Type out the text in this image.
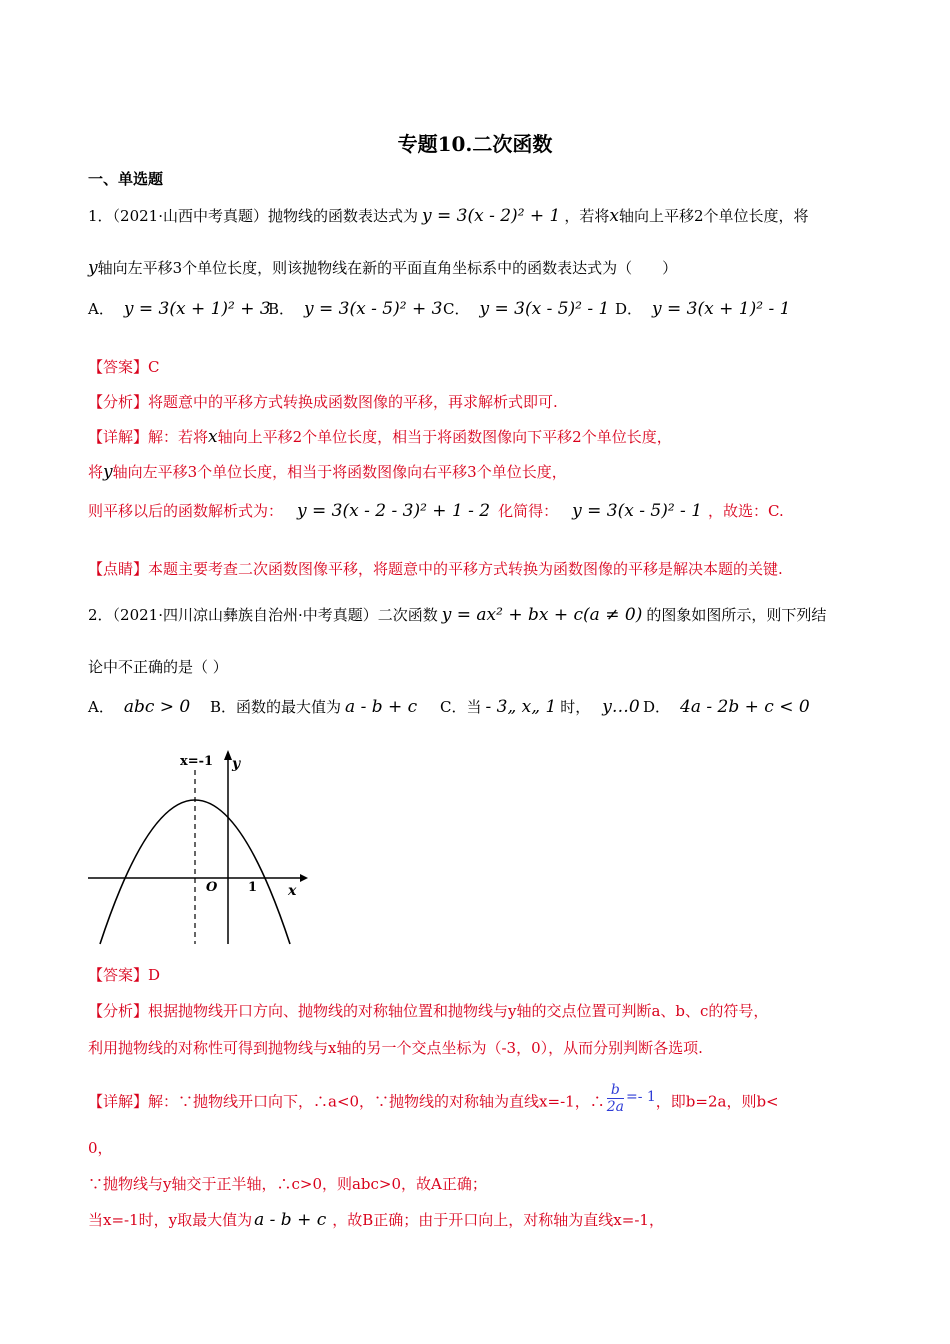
专题10.二次函数
一、单选题
1．（2021·山西中考真题）抛物线的函数表达式为 y = 3(x - 2)² + 1 ，若将x轴向上平移2个单位长度，将
y轴向左平移3个单位长度，则该抛物线在新的平面直角坐标系中的函数表达式为（　　）
A． y = 3(x + 1)² + 3
B． y = 3(x - 5)² + 3 C． y = 3(x - 5)² - 1 D． y = 3(x + 1)² - 1
【答案】C
【分析】将题意中的平移方式转换成函数图像的平移，再求解析式即可.
【详解】解：若将x轴向上平移2个单位长度，相当于将函数图像向下平移2个单位长度，
将y轴向左平移3个单位长度，相当于将函数图像向右平移3个单位长度，
则平移以后的函数解析式为： y = 3(x - 2 - 3)² + 1 - 2 化简得： y = 3(x - 5)² - 1 ，故选：C.
【点睛】本题主要考查二次函数图像平移，将题意中的平移方式转换为函数图像的平移是解决本题的关键.
2．（2021·四川凉山彝族自治州·中考真题）二次函数 y = ax² + bx + c(a ≠ 0) 的图象如图所示，则下列结
论中不正确的是（ ）
A． abc > 0 B．函数的最大值为 a - b + c C．当 - 3„ x„ 1 时， y…0 D． 4a - 2b + c < 0
x=-1 y
O 1 x
【答案】D
【分析】根据抛物线开口方向、抛物线的对称轴位置和抛物线与y轴的交点位置可判断a、b、c的符号，
利用抛物线的对称性可得到抛物线与x轴的另一个交点坐标为（-3，0），从而分别判断各选项.
【详解】解：∵抛物线开口向下，∴a<0，∵抛物线的对称轴为直线x=-1，∴ $\frac{b}{2a} =- 1$，即b=2a，则b<
0，
∵抛物线与y轴交于正半轴，∴c>0，则abc>0，故A正确；
当x=-1时，y取最大值为 a - b + c ，故B正确；由于开口向上，对称轴为直线x=-1，
